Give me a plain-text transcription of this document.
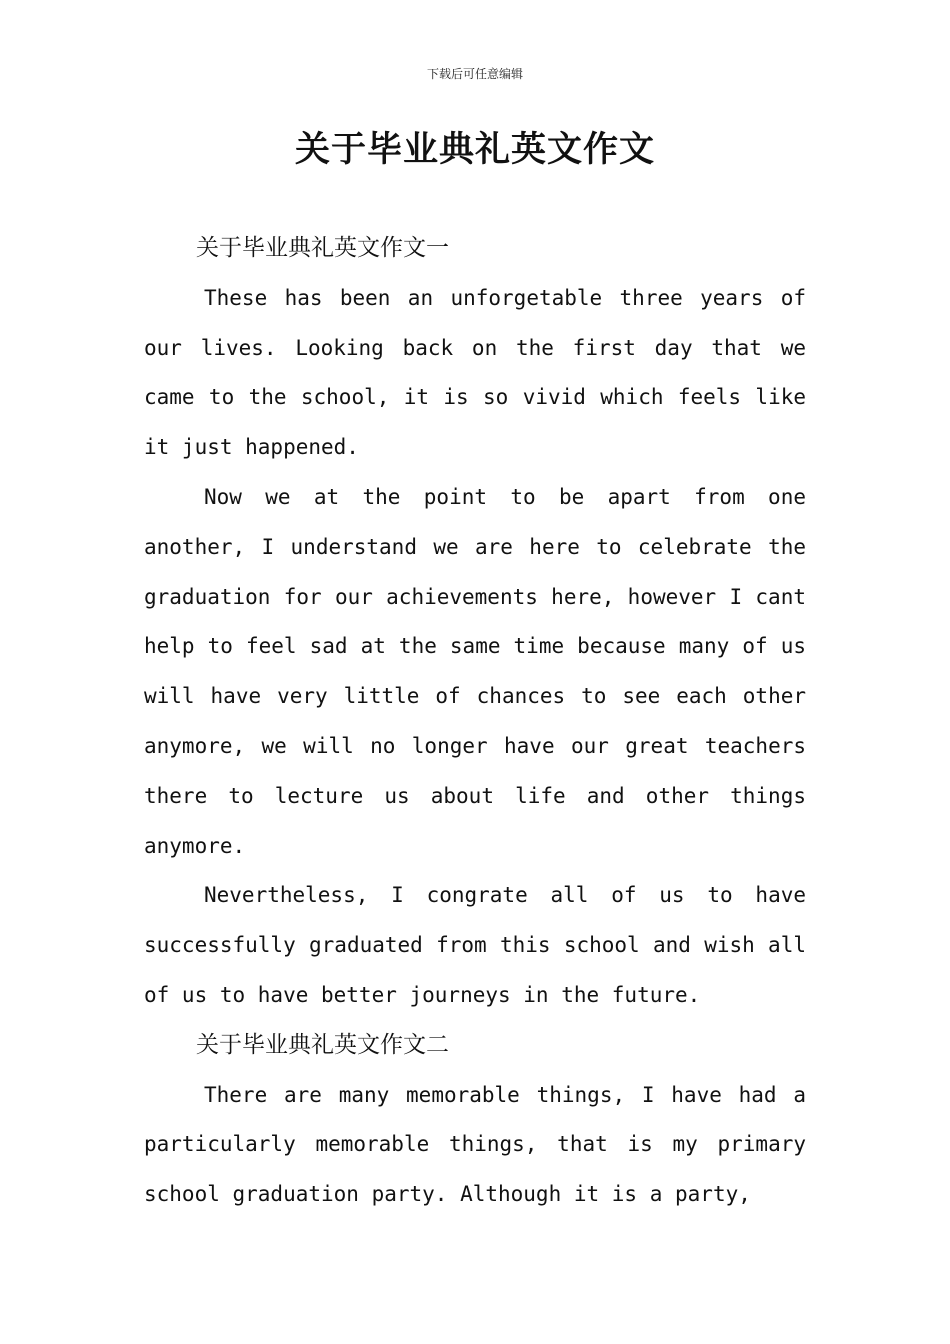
下载后可任意编辑
关于毕业典礼英文作文

关于毕业典礼英文作文一

These has been an unforgetable three years of our lives. Looking back on the first day that we came to the school, it is so vivid which feels like it just happened.

Now we at the point to be apart from one another, I understand we are here to celebrate the graduation for our achievements here, however I cant help to feel sad at the same time because many of us will have very little of chances to see each other anymore, we will no longer have our great teachers there to lecture us about life and other things anymore.

Nevertheless, I congrate all of us to have successfully graduated from this school and wish all of us to have better journeys in the future.

关于毕业典礼英文作文二

There are many memorable things, I have had a particularly memorable things, that is my primary school graduation party. Although it is a party,
